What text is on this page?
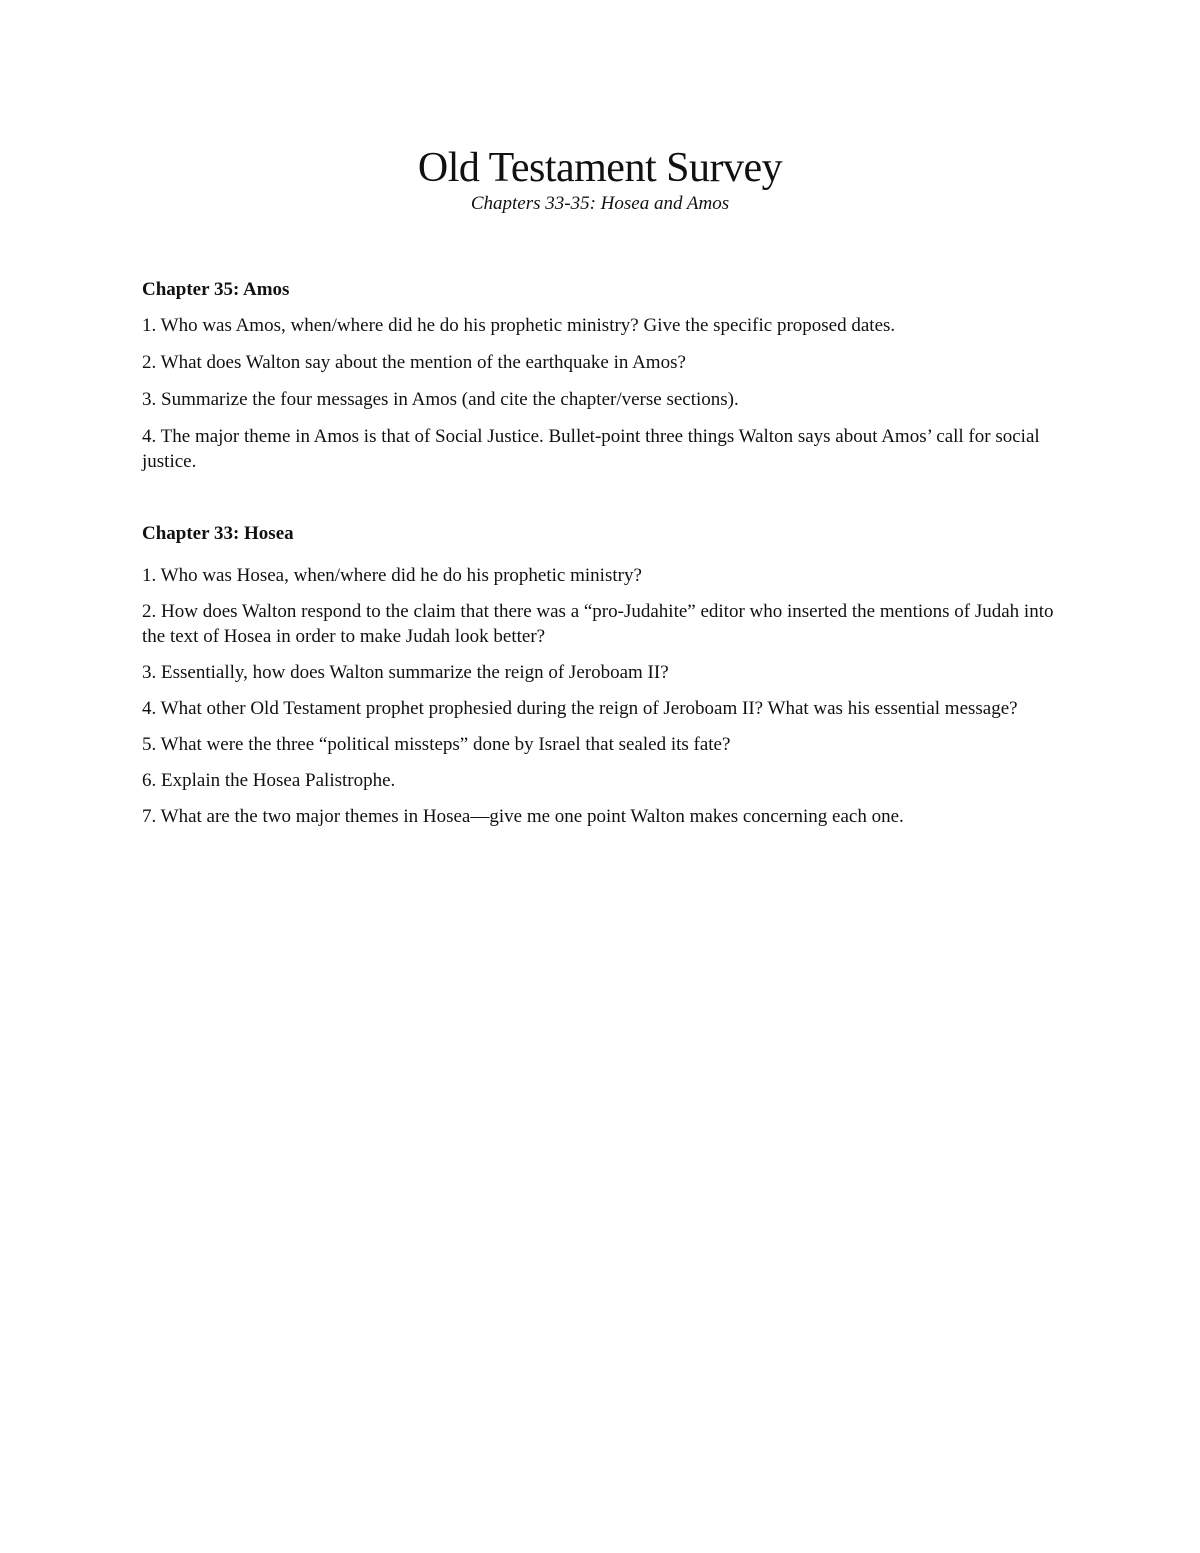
Old Testament Survey

Chapters 33-35: Hosea and Amos

Chapter 35: Amos
1. Who was Amos, when/where did he do his prophetic ministry? Give the specific proposed dates.
2. What does Walton say about the mention of the earthquake in Amos?
3. Summarize the four messages in Amos (and cite the chapter/verse sections).
4. The major theme in Amos is that of Social Justice. Bullet-point three things Walton says about Amos’ call for social justice.
Chapter 33: Hosea
1. Who was Hosea, when/where did he do his prophetic ministry?
2. How does Walton respond to the claim that there was a “pro-Judahite” editor who inserted the mentions of Judah into the text of Hosea in order to make Judah look better?
3. Essentially, how does Walton summarize the reign of Jeroboam II?
4. What other Old Testament prophet prophesied during the reign of Jeroboam II? What was his essential message?
5. What were the three “political missteps” done by Israel that sealed its fate?
6. Explain the Hosea Palistrophe.
7. What are the two major themes in Hosea—give me one point Walton makes concerning each one.
